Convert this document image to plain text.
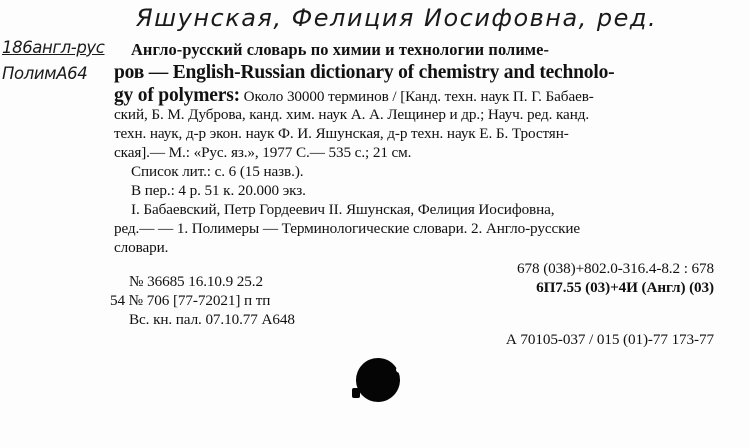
Яшунская, Фелиция Иосифовна, ред.
186англ-рус
ПолимА64
Англо-русский словарь по химии и технологии полиме-
ров — English-Russian dictionary of chemistry and technolo-
gy of polymers: Около 30000 терминов / [Канд. техн. наук П. Г. Бабаев-
ский, Б. М. Дуброва, канд. хим. наук А. А. Лещинер и др.; Науч. ред. канд.
техн. наук, д-р экон. наук Ф. И. Яшунская, д-р техн. наук Е. Б. Тростян-
ская].— М.: «Рус. яз.», 1977 С.— 535 с.; 21 см.
Список лит.: с. 6 (15 назв.).
В пер.: 4 р. 51 к. 20.000 экз.
I. Бабаевский, Петр Гордеевич II. Яшунская, Фелиция Иосифовна,
ред.— — 1. Полимеры — Терминологические словари. 2. Англо-русские
словари.
678 (038)+802.0-316.4-8.2 : 678
6П7.55 (03)+4И (Англ) (03)
№ 36685 16.10.9 25.2
54 № 706 [77-72021] п тп
Вс. кн. пал. 07.10.77 А648
А 70105-037 / 015 (01)-77 173-77
